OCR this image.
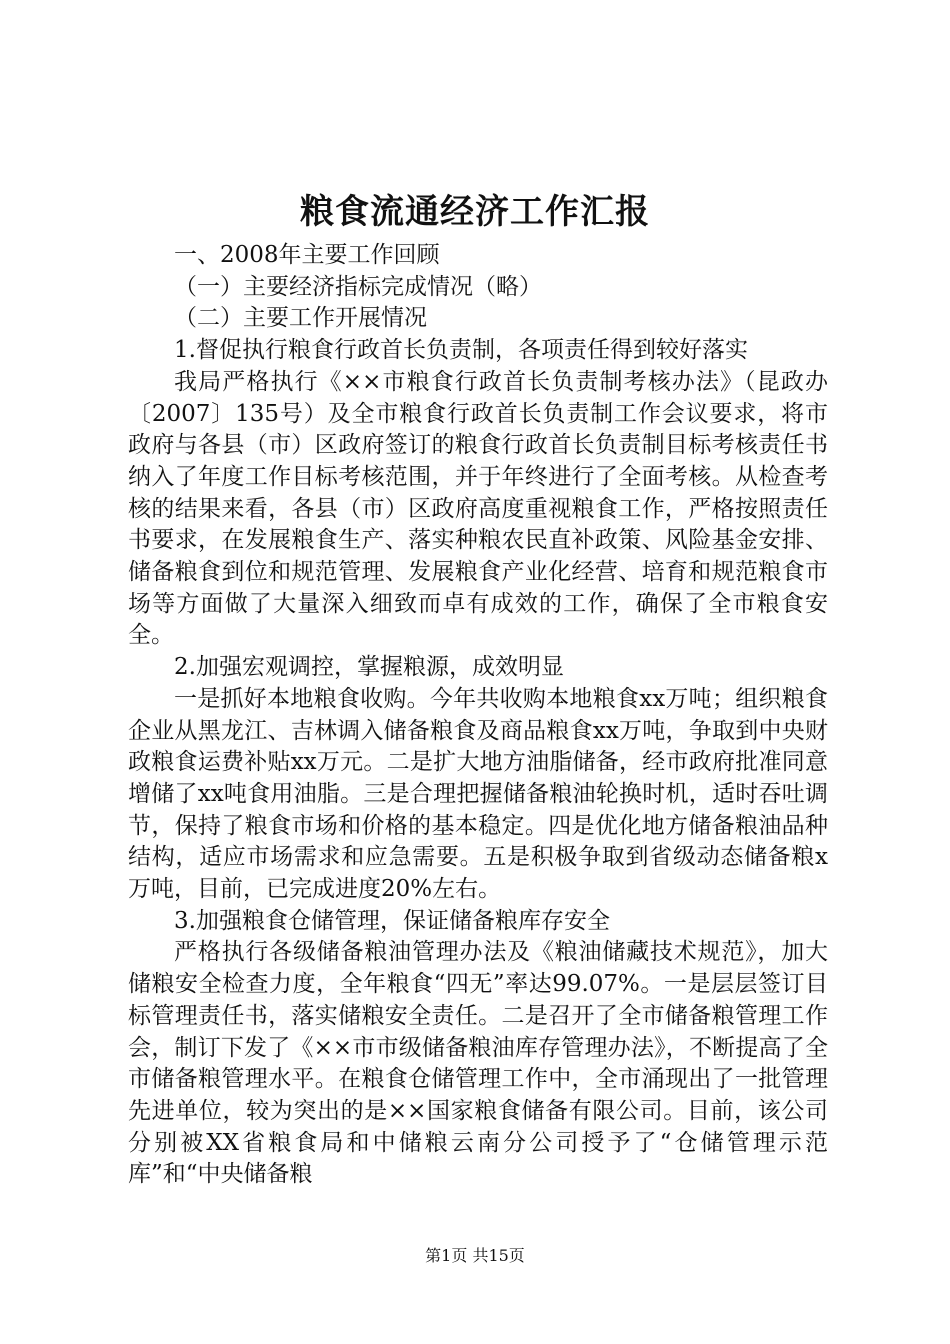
粮食流通经济工作汇报

一、2008年主要工作回顾

（一）主要经济指标完成情况（略）

（二）主要工作开展情况

1.督促执行粮食行政首长负责制，各项责任得到较好落实

我局严格执行《××市粮食行政首长负责制考核办法》（昆政办〔2007〕135号）及全市粮食行政首长负责制工作会议要求，将市政府与各县（市）区政府签订的粮食行政首长负责制目标考核责任书纳入了年度工作目标考核范围，并于年终进行了全面考核。从检查考核的结果来看，各县（市）区政府高度重视粮食工作，严格按照责任书要求，在发展粮食生产、落实种粮农民直补政策、风险基金安排、储备粮食到位和规范管理、发展粮食产业化经营、培育和规范粮食市场等方面做了大量深入细致而卓有成效的工作，确保了全市粮食安全。

2.加强宏观调控，掌握粮源，成效明显

一是抓好本地粮食收购。今年共收购本地粮食xx万吨；组织粮食企业从黑龙江、吉林调入储备粮食及商品粮食xx万吨，争取到中央财政粮食运费补贴xx万元。二是扩大地方油脂储备，经市政府批准同意增储了xx吨食用油脂。三是合理把握储备粮油轮换时机，适时吞吐调节，保持了粮食市场和价格的基本稳定。四是优化地方储备粮油品种结构，适应市场需求和应急需要。五是积极争取到省级动态储备粮x万吨，目前，已完成进度20%左右。

3.加强粮食仓储管理，保证储备粮库存安全

严格执行各级储备粮油管理办法及《粮油储藏技术规范》，加大储粮安全检查力度，全年粮食“四无”率达99.07%。一是层层签订目标管理责任书，落实储粮安全责任。二是召开了全市储备粮管理工作会，制订下发了《××市市级储备粮油库存管理办法》，不断提高了全市储备粮管理水平。在粮食仓储管理工作中，全市涌现出了一批管理先进单位，较为突出的是××国家粮食储备有限公司。目前，该公司分别被XX省粮食局和中储粮云南分公司授予了“仓储管理示范库”和“中央储备粮

第1页 共15页
